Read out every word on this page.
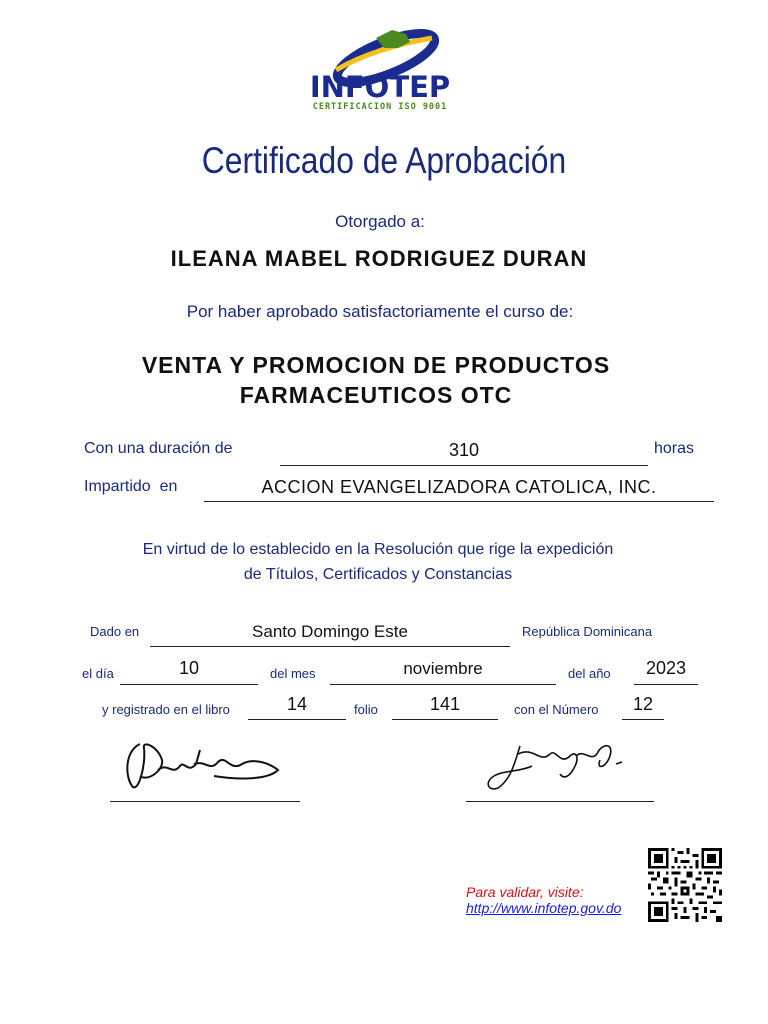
INFOTEP
CERTIFICACION ISO 9001
Certificado de Aprobación
Otorgado a:
ILEANA MABEL RODRIGUEZ DURAN
Por haber aprobado satisfactoriamente el curso de:
VENTA Y PROMOCION DE PRODUCTOS
FARMACEUTICOS OTC
Con una duración de	310	horas
Impartido  en	ACCION EVANGELIZADORA CATOLICA, INC.
En virtud de lo establecido en la Resolución que rige la expedición
de Títulos, Certificados y Constancias
Dado en	Santo Domingo Este	República Dominicana
el día	10	del mes	noviembre	del año	2023
y registrado en el libro	14	folio	141	con el Número	12
Para validar, visite:
http://www.infotep.gov.do
